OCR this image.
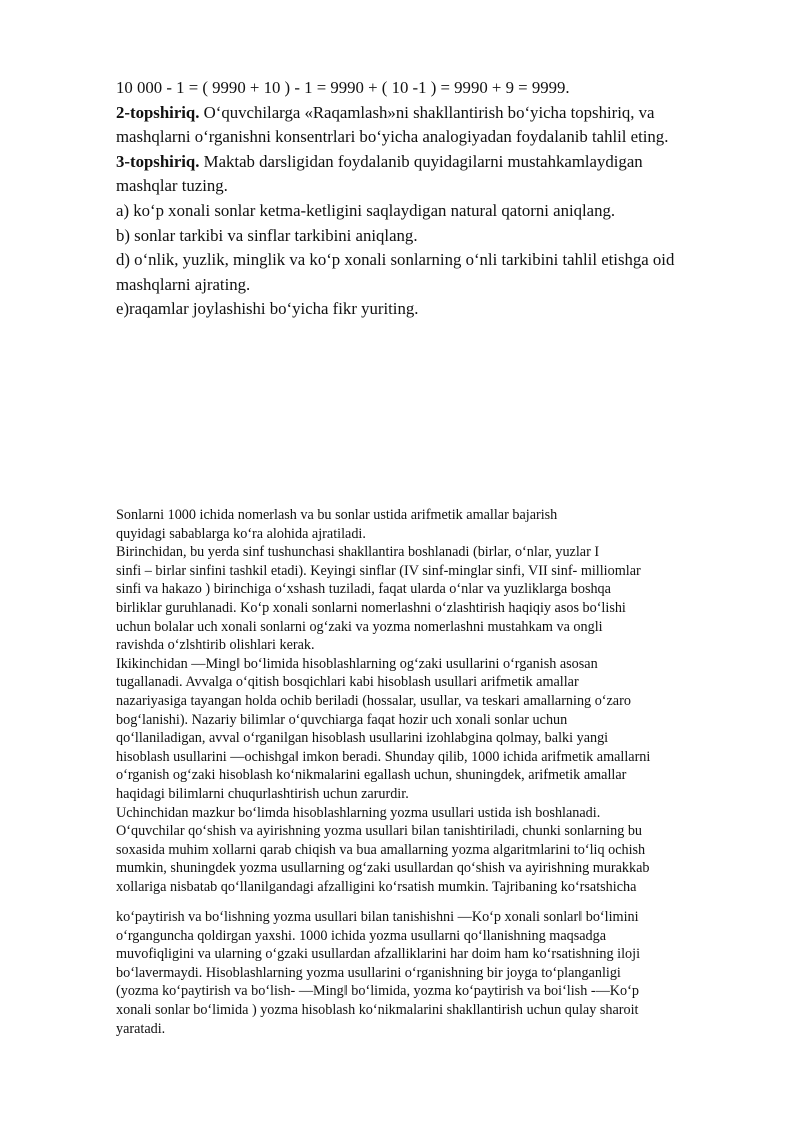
10 000 - 1 = ( 9990 + 10 ) - 1 = 9990 + ( 10 -1 ) = 9990 + 9 = 9999.
2-topshiriq. O‘quvchilarga «Raqamlash»ni shakllantirish bo‘yicha topshiriq, va
mashqlarni o‘rganishni konsentrlari bo‘yicha analogiyadan foydalanib tahlil eting.
3-topshiriq. Maktab darsligidan foydalanib quyidagilarni mustahkamlaydigan
mashqlar tuzing.
a) ko‘p xonali sonlar ketma-ketligini saqlaydigan natural qatorni aniqlang.
b) sonlar tarkibi va sinflar tarkibini aniqlang.
d) o‘nlik, yuzlik, minglik va ko‘p xonali sonlarning o‘nli tarkibini tahlil etishga oid
mashqlarni ajrating.
e)raqamlar joylashishi bo‘yicha fikr yuriting.
Sonlarni 1000 ichida nomerlash va bu sonlar ustida arifmetik amallar bajarish
quyidagi sabablarga ko‘ra alohida ajratiladi.
Birinchidan, bu yerda sinf tushunchasi shakllantira boshlanadi (birlar, o‘nlar, yuzlar I
sinfi – birlar sinfini tashkil etadi). Keyingi sinflar (IV sinf-minglar sinfi, VII sinf- milliomlar
sinfi va hakazo ) birinchiga o‘xshash tuziladi, faqat ularda o‘nlar va yuzliklarga boshqa
birliklar guruhlanadi. Ko‘p xonali sonlarni nomerlashni o‘zlashtirish haqiqiy asos bo‘lishi
uchun bolalar uch xonali sonlarni og‘zaki va yozma nomerlashni mustahkam va ongli
ravishda o‘zlshtirib olishlari kerak.
Ikikinchidan ―Ming‖ bo‘limida hisoblashlarning og‘zaki usullarini o‘rganish asosan
tugallanadi. Avvalga o‘qitish bosqichlari kabi hisoblash usullari arifmetik amallar
nazariyasiga tayangan holda ochib beriladi (hossalar, usullar, va teskari amallarning o‘zaro
bog‘lanishi). Nazariy bilimlar o‘quvchiarga faqat hozir uch xonali sonlar uchun
qo‘llaniladigan, avval o‘rganilgan hisoblash usullarini izohlabgina qolmay, balki yangi
hisoblash usullarini ―ochishga‖ imkon beradi. Shunday qilib, 1000 ichida arifmetik amallarni
o‘rganish og‘zaki hisoblash ko‘nikmalarini egallash uchun, shuningdek, arifmetik amallar
haqidagi bilimlarni chuqurlashtirish uchun zarurdir.
Uchinchidan mazkur bo‘limda hisoblashlarning yozma usullari ustida ish boshlanadi.
O‘quvchilar qo‘shish va ayirishning yozma usullari bilan tanishtiriladi, chunki sonlarning bu
soxasida muhim xollarni qarab chiqish va bua amallarning yozma algaritmlarini to‘liq ochish
mumkin, shuningdek yozma usullarning og‘zaki usullardan qo‘shish va ayirishning murakkab
xollariga nisbatab qo‘llanilgandagi afzalligini ko‘rsatish mumkin. Tajribaning ko‘rsatshicha
ko‘paytirish va bo‘lishning yozma usullari bilan tanishishni ―Ko‘p xonali sonlar‖ bo‘limini
o‘rganguncha qoldirgan yaxshi. 1000 ichida yozma usullarni qo‘llanishning maqsadga
muvofiqligini va ularning o‘gzaki usullardan afzalliklarini har doim ham ko‘rsatishning iloji
bo‘lavermaydi. Hisoblashlarning yozma usullarini o‘rganishning bir joyga to‘planganligi
(yozma ko‘paytirish va bo‘lish- ―Ming‖ bo‘limida, yozma ko‘paytirish va boi‘lish -―Ko‘p
xonali sonlar bo‘limida ) yozma hisoblash ko‘nikmalarini shakllantirish uchun qulay sharoit
yaratadi.
